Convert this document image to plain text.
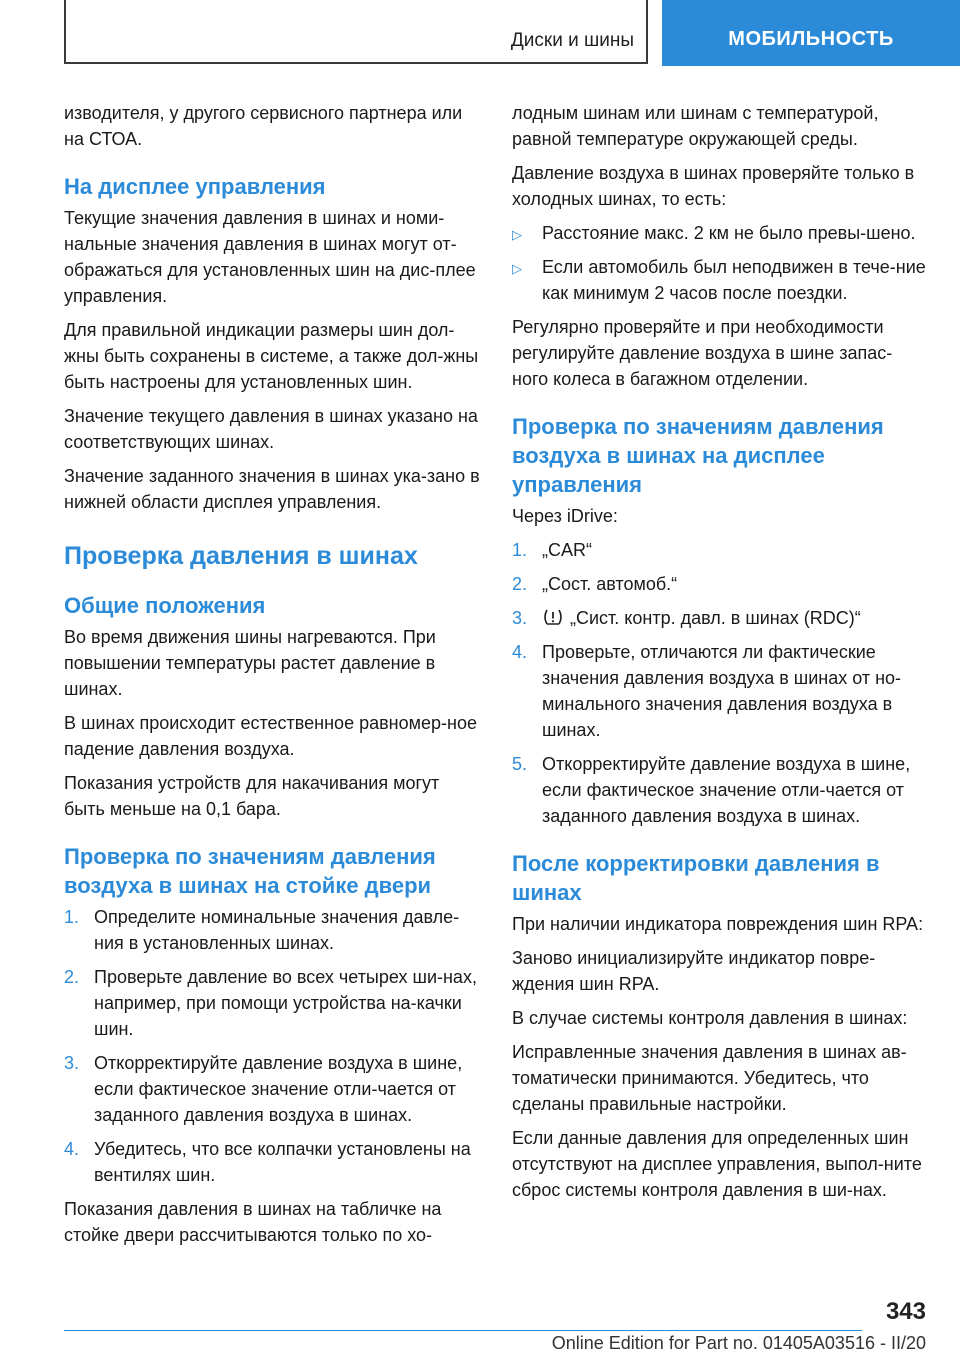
Диски и шины	МОБИЛЬНОСТЬ

изводителя, у другого сервисного партнера или на СТОА.

На дисплее управления

Текущие значения давления в шинах и номи‐нальные значения давления в шинах могут от‐ображаться для установленных шин на дис‐плее управления.

Для правильной индикации размеры шин дол‐жны быть сохранены в системе, а также дол‐жны быть настроены для установленных шин.

Значение текущего давления в шинах указано на соответствующих шинах.

Значение заданного значения в шинах ука‐зано в нижней области дисплея управления.

Проверка давления в шинах
Общие положения

Во время движения шины нагреваются. При повышении температуры растет давление в шинах.

В шинах происходит естественное равномер‐ное падение давления воздуха.

Показания устройств для накачивания могут быть меньше на 0,1 бара.

Проверка по значениям давления воздуха в шинах на стойке двери
1. Определите номинальные значения давле‐ния в установленных шинах.
2. Проверьте давление во всех четырех ши‐нах, например, при помощи устройства на‐качки шин.
3. Откорректируйте давление воздуха в шине, если фактическое значение отли‐чается от заданного давления воздуха в шинах.
4. Убедитесь, что все колпачки установлены на вентилях шин.

Показания давления в шинах на табличке на стойке двери рассчитываются только по хо‐

лодным шинам или шинам с температурой, равной температуре окружающей среды.

Давление воздуха в шинах проверяйте только в холодных шинах, то есть:

▷ Расстояние макс. 2 км не было превы‐шено.
▷ Если автомобиль был неподвижен в тече‐ние как минимум 2 часов после поездки.

Регулярно проверяйте и при необходимости регулируйте давление воздуха в шине запас‐ного колеса в багажном отделении.

Проверка по значениям давления воздуха в шинах на дисплее управления

Через iDrive:

1. „CAR“
2. „Сост. автомоб.“
3. „Сист. контр. давл. в шинах (RDC)“
4. Проверьте, отличаются ли фактические значения давления воздуха в шинах от но‐минального значения давления воздуха в шинах.
5. Откорректируйте давление воздуха в шине, если фактическое значение отли‐чается от заданного давления воздуха в шинах.
После корректировки давления в шинах

При наличии индикатора повреждения шин RPA:

Заново инициализируйте индикатор повре‐ждения шин RPA.

В случае системы контроля давления в шинах:

Исправленные значения давления в шинах ав‐томатически принимаются. Убедитесь, что сделаны правильные настройки.

Если данные давления для определенных шин отсутствуют на дисплее управления, выпол‐ните сброс системы контроля давления в ши‐нах.

343
Online Edition for Part no. 01405A03516 - II/20
